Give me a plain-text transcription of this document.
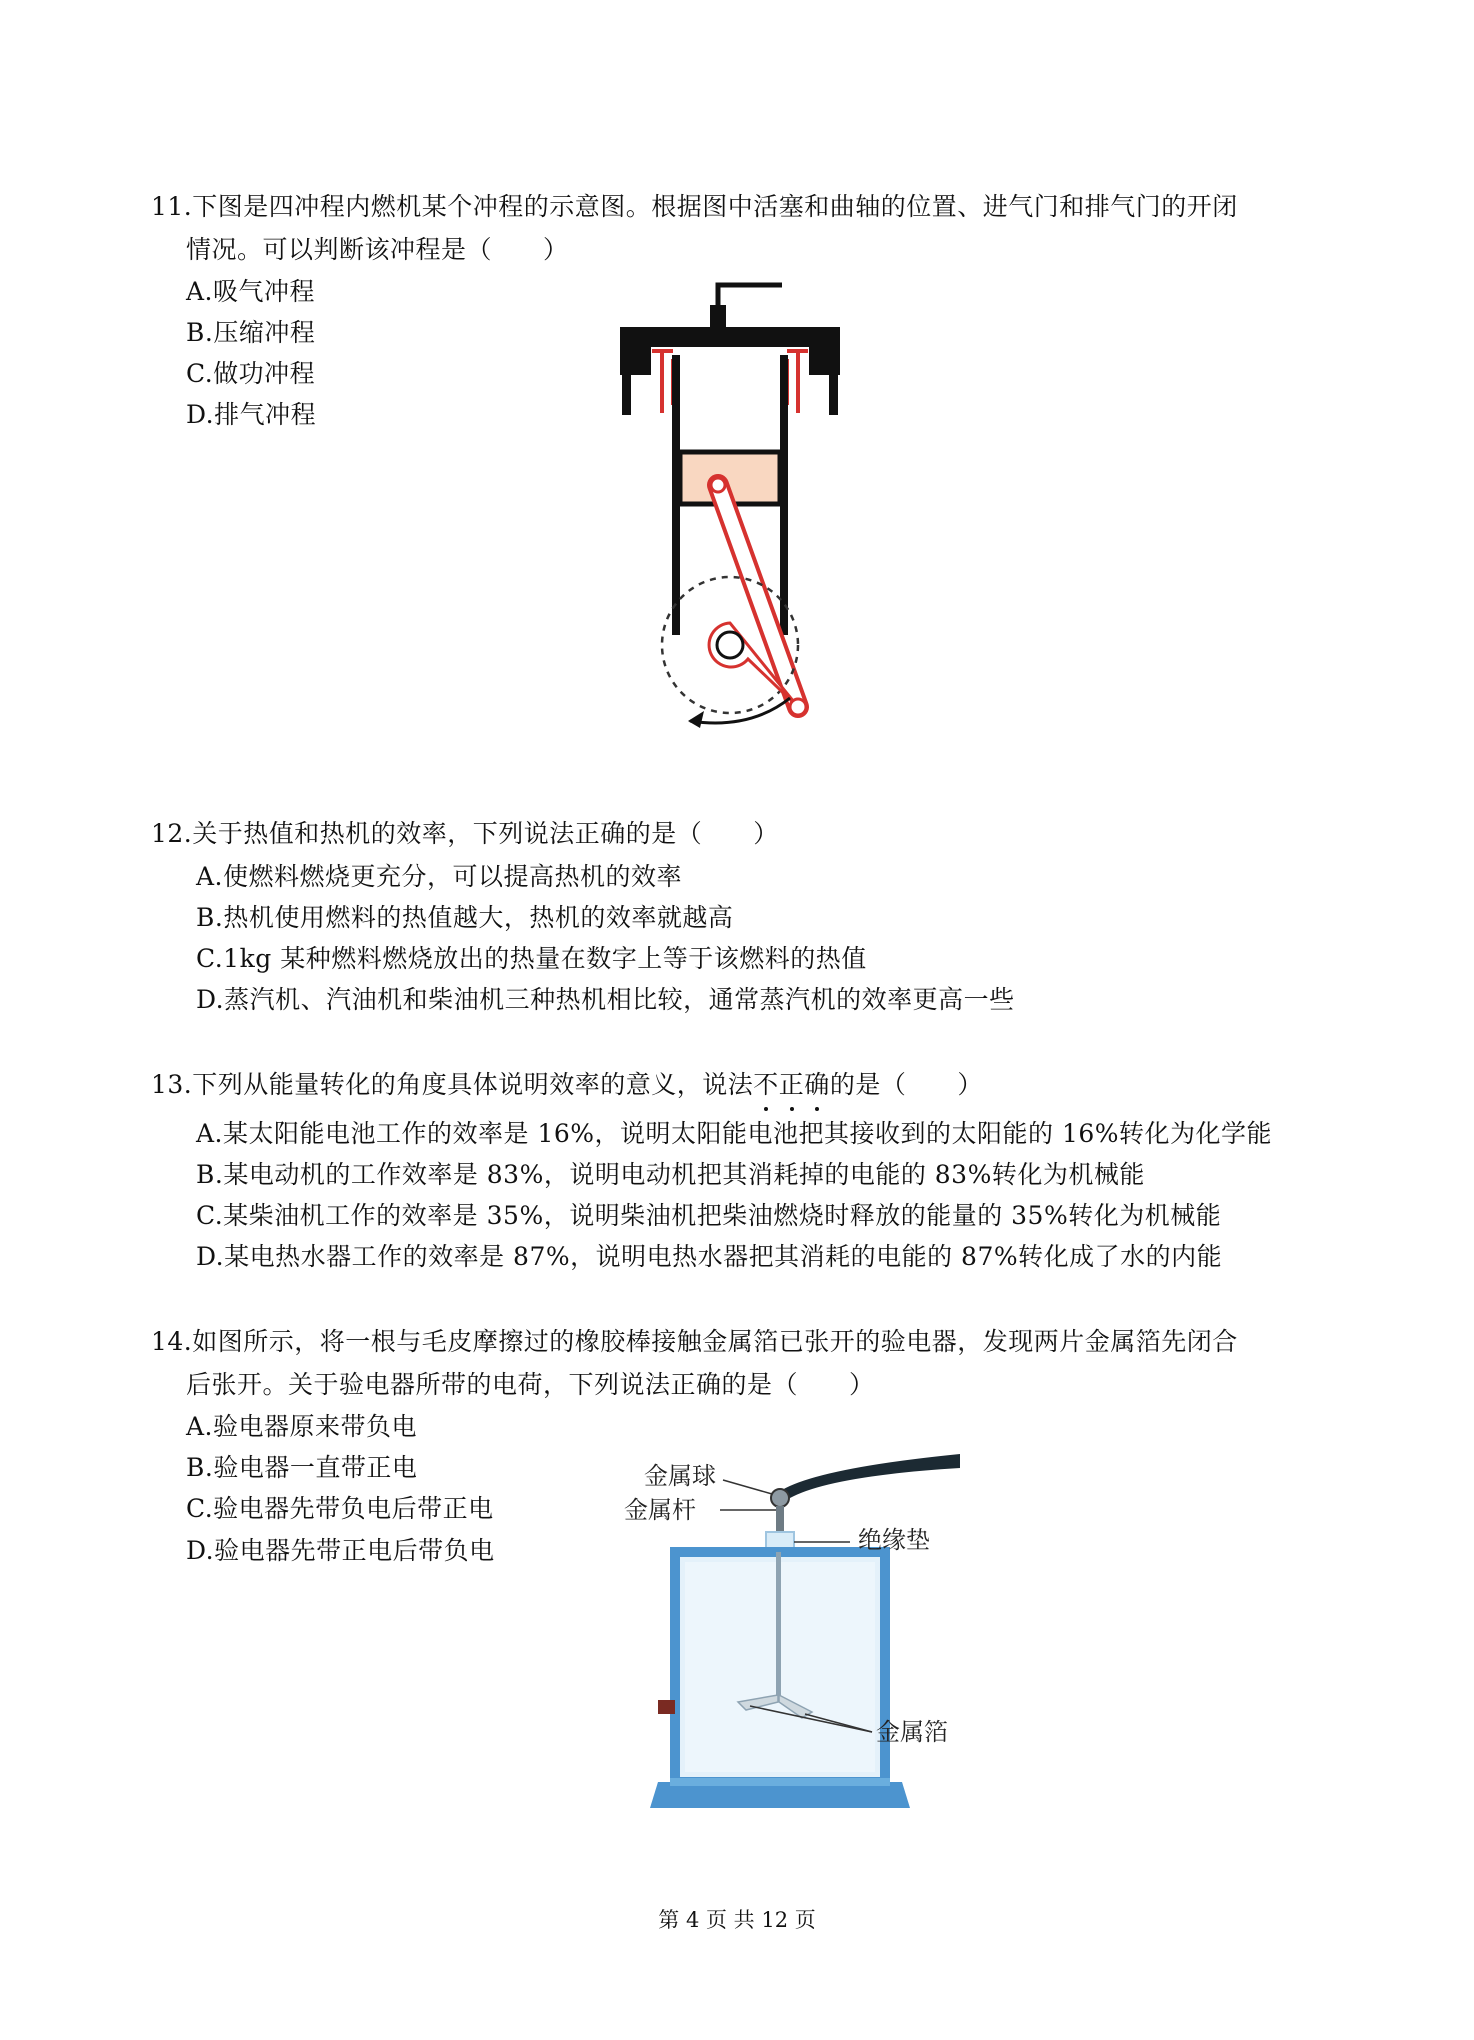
11.下图是四冲程内燃机某个冲程的示意图。根据图中活塞和曲轴的位置、进气门和排气门的开闭
情况。可以判断该冲程是（　　）
A.吸气冲程
B.压缩冲程
C.做功冲程
D.排气冲程
12.关于热值和热机的效率，下列说法正确的是（　　）
A.使燃料燃烧更充分，可以提高热机的效率
B.热机使用燃料的热值越大，热机的效率就越高
C.1kg 某种燃料燃烧放出的热量在数字上等于该燃料的热值
D.蒸汽机、汽油机和柴油机三种热机相比较，通常蒸汽机的效率更高一些
13.下列从能量转化的角度具体说明效率的意义，说法不正确的是（　　）
A.某太阳能电池工作的效率是 16%，说明太阳能电池把其接收到的太阳能的 16%转化为化学能
B.某电动机的工作效率是 83%，说明电动机把其消耗掉的电能的 83%转化为机械能
C.某柴油机工作的效率是 35%，说明柴油机把柴油燃烧时释放的能量的 35%转化为机械能
D.某电热水器工作的效率是 87%，说明电热水器把其消耗的电能的 87%转化成了水的内能
14.如图所示，将一根与毛皮摩擦过的橡胶棒接触金属箔已张开的验电器，发现两片金属箔先闭合
后张开。关于验电器所带的电荷，下列说法正确的是（　　）
A.验电器原来带负电
B.验电器一直带正电
C.验电器先带负电后带正电
D.验电器先带正电后带负电
金属球
金属杆
绝缘垫
金属箔
第 4 页 共 12 页
